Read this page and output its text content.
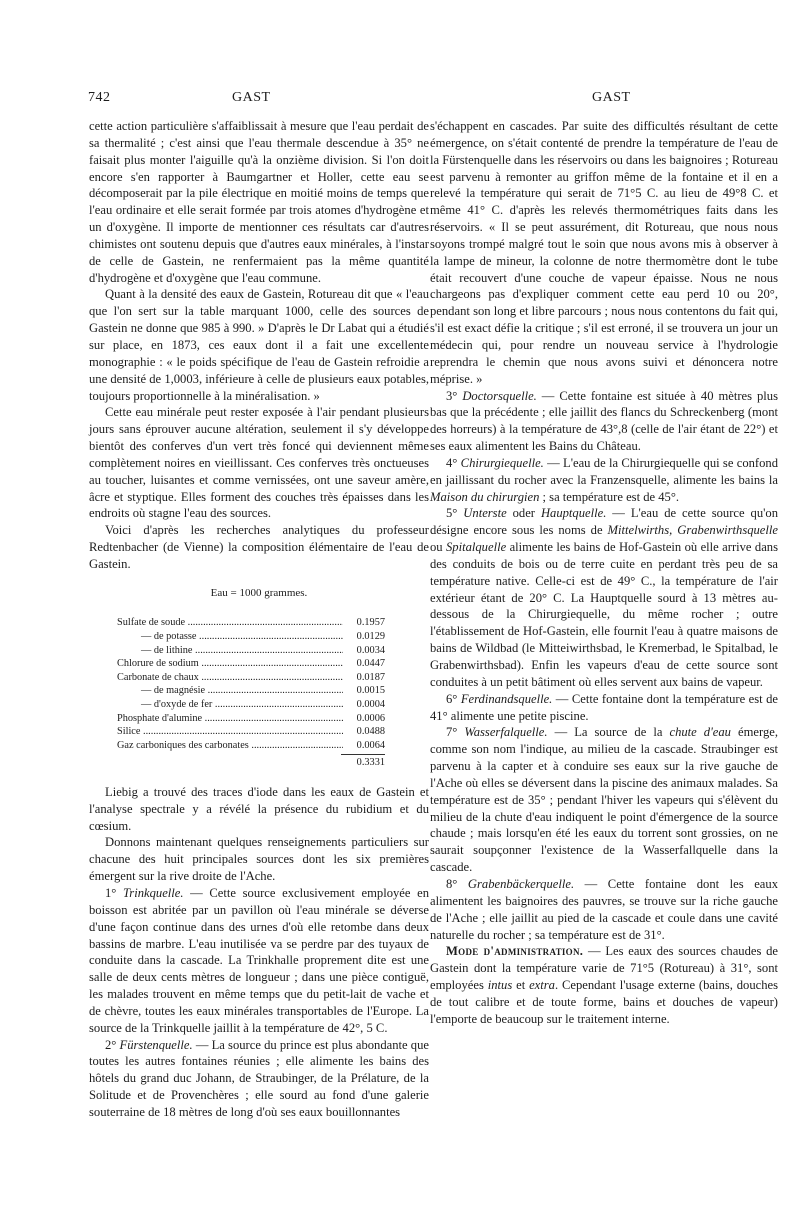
742	GAST	GAST

cette action particulière s'affaiblissait à mesure que l'eau perdait de sa thermalité ; c'est ainsi que l'eau thermale descendue à 35° ne faisait plus monter l'aiguille qu'à la onzième division. Si l'on doit encore s'en rapporter à Baumgartner et Holler, cette eau se décomposerait par la pile électrique en moitié moins de temps que l'eau ordinaire et elle serait formée par trois atomes d'hydrogène et un d'oxygène. Il importe de mentionner ces résultats car d'autres chimistes ont soutenu depuis que d'autres eaux minérales, à l'instar de celle de Gastein, ne renfermaient pas la même quantité d'hydrogène et d'oxygène que l'eau commune.

Quant à la densité des eaux de Gastein, Rotureau dit que « l'eau que l'on sert sur la table marquant 1000, celle des sources de Gastein ne donne que 985 à 990. » D'après le Dr Labat qui a étudié sur place, en 1873, ces eaux dont il a fait une excellente monographie : « le poids spécifique de l'eau de Gastein refroidie a une densité de 1,0003, inférieure à celle de plusieurs eaux potables, toujours proportionnelle à la minéralisation. »

Cette eau minérale peut rester exposée à l'air pendant plusieurs jours sans éprouver aucune altération, seulement il s'y développe bientôt des conferves d'un vert très foncé qui deviennent même complètement noires en vieillissant. Ces conferves très onctueuses au toucher, luisantes et comme vernissées, ont une saveur amère, âcre et styptique. Elles forment des couches très épaisses dans les endroits où stagne l'eau des sources.

Voici d'après les recherches analytiques du professeur Redtenbacher (de Vienne) la composition élémentaire de l'eau de Gastein.

Eau = 1000 grammes.
Sulfate de soude .....	0.1957
— de potasse .....	0.0129
— de lithine .....	0.0034
Chlorure de sodium .....	0.0447
Carbonate de chaux .....	0.0187
— de magnésie .....	0.0015
— d'oxyde de fer .....	0.0004
Phosphate d'alumine .....	0.0006
Silice .....	0.0488
Gaz carboniques des carbonates .....	0.0064
0.3331

Liebig a trouvé des traces d'iode dans les eaux de Gastein et l'analyse spectrale y a révélé la présence du rubidium et du cœsium.

Donnons maintenant quelques renseignements particuliers sur chacune des huit principales sources dont les six premières émergent sur la rive droite de l'Ache.

1° Trinkquelle. — Cette source exclusivement employée en boisson est abritée par un pavillon où l'eau minérale se déverse d'une façon continue dans des urnes d'où elle retombe dans deux bassins de marbre. L'eau inutilisée va se perdre par des tuyaux de conduite dans la cascade. La Trinkhalle proprement dite est une salle de deux cents mètres de longueur ; dans une pièce contiguë, les malades trouvent en même temps que du petit-lait de vache et de chèvre, toutes les eaux minérales transportables de l'Europe. La source de la Trinkquelle jaillit à la température de 42°, 5 C.

2° Fürstenquelle. — La source du prince est plus abondante que toutes les autres fontaines réunies ; elle alimente les bains des hôtels du grand duc Johann, de Straubinger, de la Prélature, de la Solitude et de Provenchères ; elle sourd au fond d'une galerie souterraine de 18 mètres de long d'où ses eaux bouillonnantes

s'échappent en cascades. Par suite des difficultés résultant de cette émergence, on s'était contenté de prendre la température de l'eau de la Fürstenquelle dans les réservoirs ou dans les baignoires ; Rotureau est parvenu à remonter au griffon même de la fontaine et il en a relevé la température qui serait de 71°5 C. au lieu de 49°8 C. et même 41° C. d'après les relevés thermométriques faits dans les réservoirs. « Il se peut assurément, dit Rotureau, que nous nous soyons trompé malgré tout le soin que nous avons mis à observer à la lampe de mineur, la colonne de notre thermomètre dont le tube était recouvert d'une couche de vapeur épaisse. Nous ne nous chargeons pas d'expliquer comment cette eau perd 10 ou 20°, pendant son long et libre parcours ; nous nous contentons du fait qui, s'il est exact défie la critique ; s'il est erroné, il se trouvera un jour un médecin qui, pour rendre un nouveau service à l'hydrologie reprendra le chemin que nous avons suivi et dénoncera notre méprise. »

3° Doctorsquelle. — Cette fontaine est située à 40 mètres plus bas que la précédente ; elle jaillit des flancs du Schreckenberg (mont des horreurs) à la température de 43°,8 (celle de l'air étant de 22°) et ses eaux alimentent les Bains du Château.

4° Chirurgiequelle. — L'eau de la Chirurgiequelle qui se confond en jaillissant du rocher avec la Franzensquelle, alimente les bains la Maison du chirurgien ; sa température est de 45°.

5° Unterste oder Hauptquelle. — L'eau de cette source qu'on désigne encore sous les noms de Mittelwirths, Grabenwirthsquelle ou Spitalquelle alimente les bains de Hof-Gastein où elle arrive dans des conduits de bois ou de terre cuite en perdant très peu de sa température native. Celle-ci est de 49° C., la température de l'air extérieur étant de 20° C. La Hauptquelle sourd à 13 mètres au-dessous de la Chirurgiequelle, du même rocher ; outre l'établissement de Hof-Gastein, elle fournit l'eau à quatre maisons de bains de Wildbad (le Mitteiwirthsbad, le Kremerbad, le Spitalbad, le Grabenwirthsbad). Enfin les vapeurs d'eau de cette source sont conduites à un petit bâtiment où elles servent aux bains de vapeur.

6° Ferdinandsquelle. — Cette fontaine dont la température est de 41° alimente une petite piscine.

7° Wasserfalquelle. — La source de la chute d'eau émerge, comme son nom l'indique, au milieu de la cascade. Straubinger est parvenu à la capter et à conduire ses eaux sur la rive gauche de l'Ache où elles se déversent dans la piscine des animaux malades. Sa température est de 35° ; pendant l'hiver les vapeurs qui s'élèvent du milieu de la chute d'eau indiquent le point d'émergence de la source chaude ; mais lorsqu'en été les eaux du torrent sont grossies, on ne saurait soupçonner l'existence de la Wasserfallquelle dans la cascade.

8° Grabenbäckerquelle. — Cette fontaine dont les eaux alimentent les baignoires des pauvres, se trouve sur la riche gauche de l'Ache ; elle jaillit au pied de la cascade et coule dans une cavité naturelle du rocher ; sa température est de 31°.

Mode d'administration. — Les eaux des sources chaudes de Gastein dont la température varie de 71°5 (Rotureau) à 31°, sont employées intus et extra. Cependant l'usage externe (bains, douches de tout calibre et de toute forme, bains et douches de vapeur) l'emporte de beaucoup sur le traitement interne.
